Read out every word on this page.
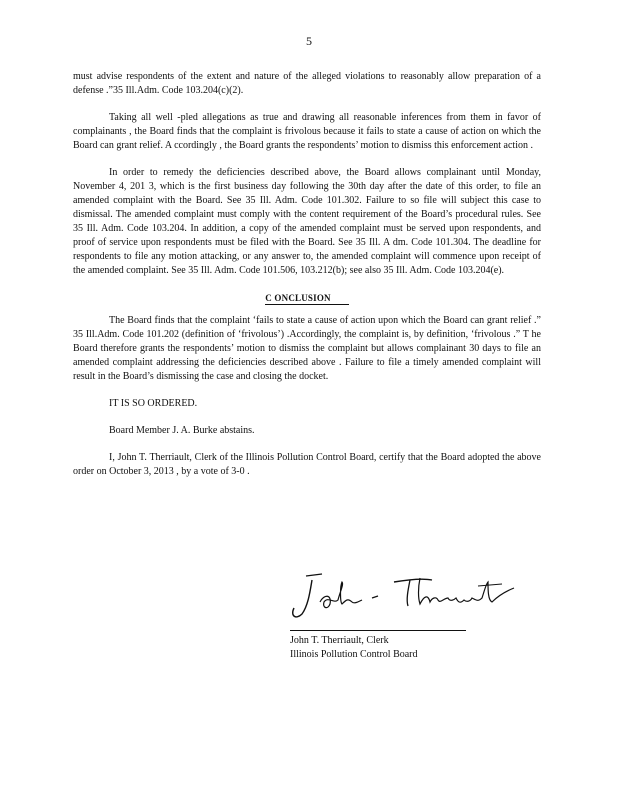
5

must advise respondents of the extent and nature of the alleged violations to reasonably allow preparation of a defense .”35 Ill.Adm. Code 103.204(c)(2).

Taking all well -pled allegations as true and drawing all reasonable inferences from them in favor of complainants , the Board finds that the complaint is frivolous because it fails to state a cause of action on which the Board can grant relief. A ccordingly , the Board grants the respondents’ motion to dismiss this enforcement action .

In order to remedy the deficiencies described above, the Board allows complainant until Monday, November 4, 201 3, which is the first business day following the 30th day after the date of this order, to file an amended complaint with the Board. See 35 Ill. Adm. Code 101.302. Failure to so file will subject this case to dismissal. The amended complaint must comply with the content requirement of the Board’s procedural rules. See 35 Ill. Adm. Code 103.204. In addition, a copy of the amended complaint must be served upon respondents, and proof of service upon respondents must be filed with the Board. See 35 Ill. A dm. Code 101.304. The deadline for respondents to file any motion attacking, or any answer to, the amended complaint will commence upon receipt of the amended complaint. See 35 Ill. Adm. Code 101.506, 103.212(b); see also 35 Ill. Adm. Code 103.204(e).

C ONCLUSION

The Board finds that the complaint ‘fails to state a cause of action upon which the Board can grant relief .” 35 Ill.Adm. Code 101.202 (definition of ‘frivolous’) .Accordingly, the complaint is, by definition, ‘frivolous .” T he Board therefore grants the respondents’ motion to dismiss the complaint but allows complainant 30 days to file an amended complaint addressing the deficiencies described above . Failure to file a timely amended complaint will result in the Board’s dismissing the case and closing the docket.

IT IS SO ORDERED.

Board Member J. A. Burke abstains.

I, John T. Therriault, Clerk of the Illinois Pollution Control Board, certify that the Board adopted the above order on October 3, 2013 , by a vote of 3-0 .

John T. Therriault, Clerk
Illinois Pollution Control Board
